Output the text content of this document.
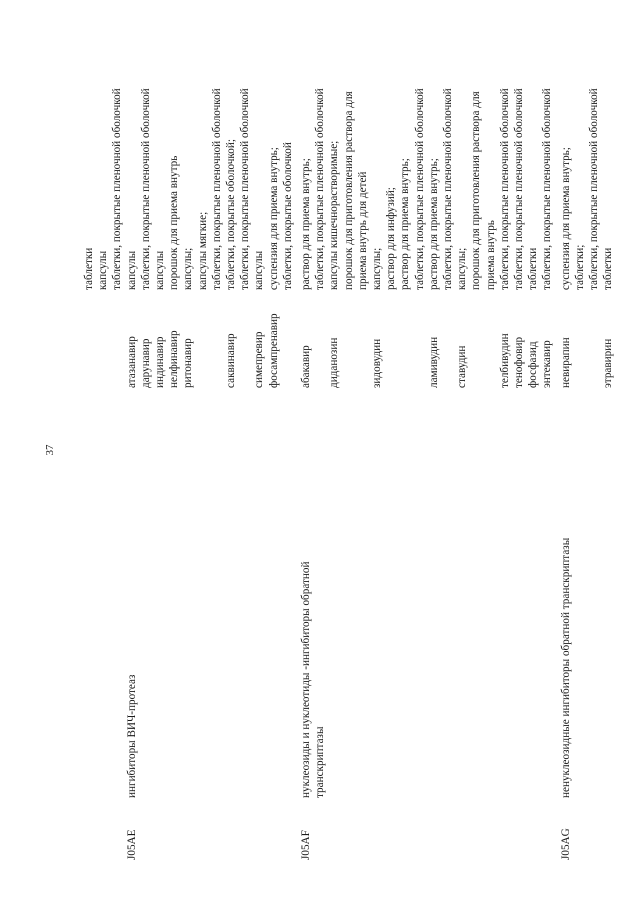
37
таблетки капсулы таблетки, покрытые пленочной оболочкой
J05AE
ингибиторы ВИЧ-протеаз
атазанавир
капсулы
дарунавир
таблетки, покрытые пленочной оболочкой
индинавир
капсулы
нелфинавир
порошок для приема внутрь
ритонавир
капсулы; капсулы мягкие; таблетки, покрытые пленочной оболочкой
саквинавир
таблетки, покрытые оболочкой; таблетки, покрытые пленочной оболочкой
симепревир
капсулы
фосампренавир
суспензия для приема внутрь; таблетки, покрытые оболочкой
J05AF
нуклеозиды и нуклеотиды -ингибиторы обратной транскриптазы
абакавир
раствор для приема внутрь; таблетки, покрытые пленочной оболочкой
диданозин
капсулы кишечнорастворимые; порошок для приготовления раствора для приема внутрь для детей
зидовудин
капсулы; раствор для инфузий; раствор для приема внутрь; таблетки, покрытые пленочной оболочкой
ламивудин
раствор для приема внутрь; таблетки, покрытые пленочной оболочкой
ставудин
капсулы; порошок для приготовления раствора для приема внутрь
телбивудин
таблетки, покрытые пленочной оболочкой
тенофовир
таблетки, покрытые пленочной оболочкой
фосфазид
таблетки
энтекавир
таблетки, покрытые пленочной оболочкой
J05AG
ненуклеозидные ингибиторы обратной транскриптазы
невирапин
суспензия для приема внутрь; таблетки; таблетки, покрытые пленочной оболочкой
этравирин
таблетки
